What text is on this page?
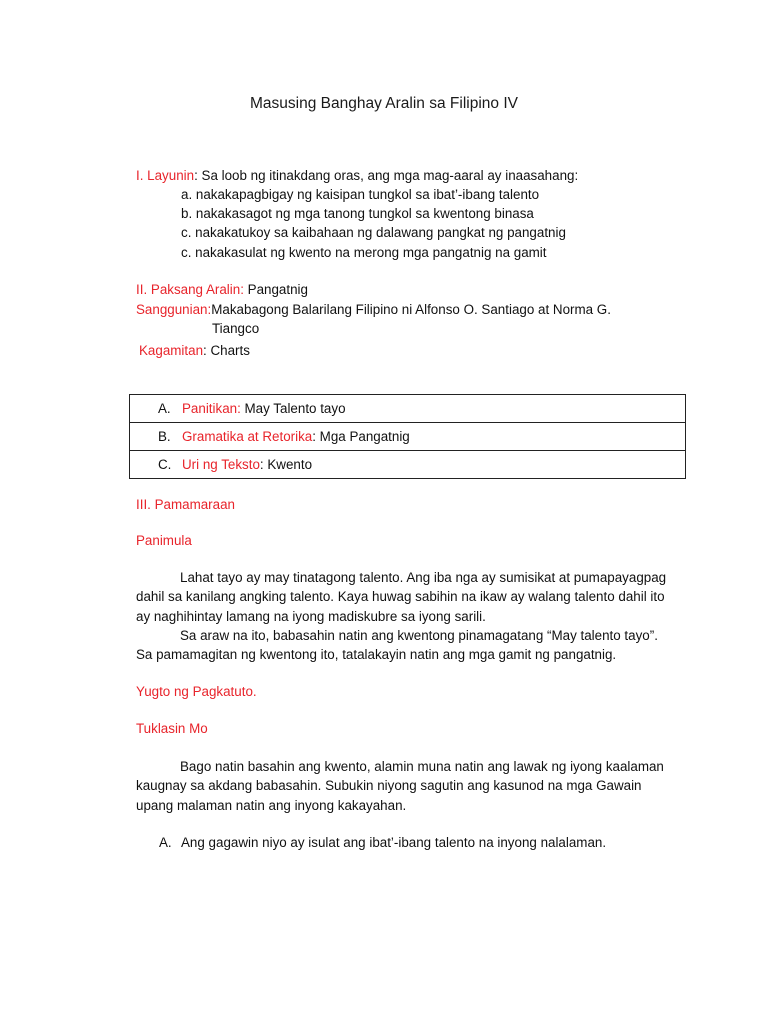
Masusing Banghay Aralin sa Filipino IV
I. Layunin: Sa loob ng itinakdang oras, ang mga mag-aaral ay inaasahang:
a. nakakapagbigay ng kaisipan tungkol sa ibat’-ibang talento
b. nakakasagot ng mga tanong tungkol sa kwentong binasa
c. nakakatukoy sa kaibahaan ng dalawang pangkat ng pangatnig
c. nakakasulat ng kwento na merong mga pangatnig na gamit
II. Paksang Aralin: Pangatnig
Sanggunian:Makabagong Balarilang Filipino ni Alfonso O. Santiago at Norma G.
Tiangco
Kagamitan: Charts
A. Panitikan: May Talento tayo
B. Gramatika at Retorika: Mga Pangatnig
C. Uri ng Teksto: Kwento
III. Pamamaraan
Panimula
Lahat tayo ay may tinatagong talento. Ang iba nga ay sumisikat at pumapayagpag dahil sa kanilang angking talento. Kaya huwag sabihin na ikaw ay walang talento dahil ito ay naghihintay lamang na iyong madiskubre sa iyong sarili.
Sa araw na ito, babasahin natin ang kwentong pinamagatang “May talento tayo”. Sa pamamagitan ng kwentong ito, tatalakayin natin ang mga gamit ng pangatnig.
Yugto ng Pagkatuto.
Tuklasin Mo
Bago natin basahin ang kwento, alamin muna natin ang lawak ng iyong kaalaman kaugnay sa akdang babasahin. Subukin niyong sagutin ang kasunod na mga Gawain upang malaman natin ang inyong kakayahan.
A. Ang gagawin niyo ay isulat ang ibat’-ibang talento na inyong nalalaman.
